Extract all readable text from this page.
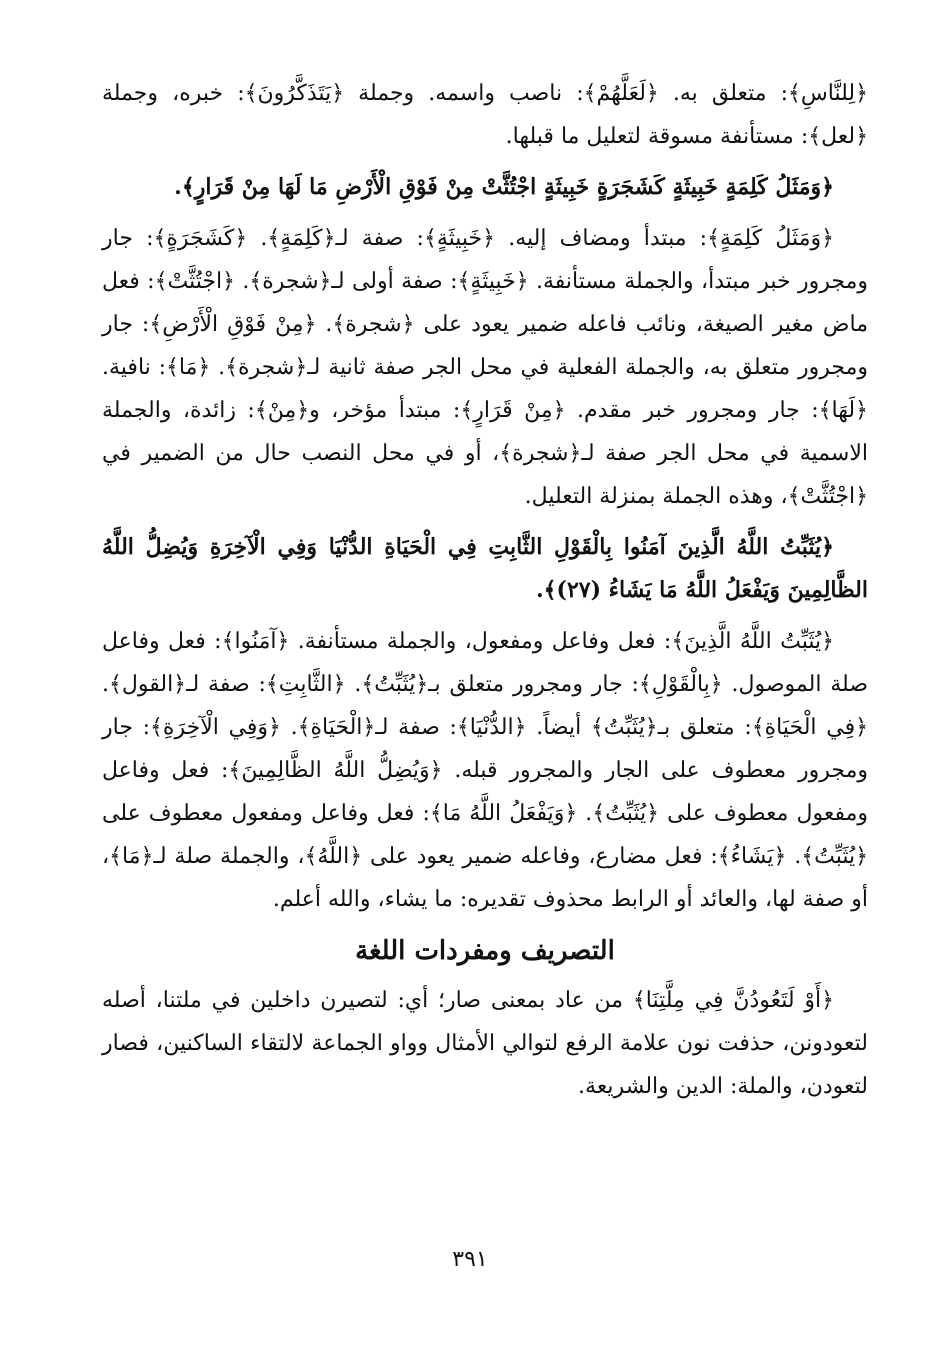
﴿لِلنَّاسِ﴾: متعلق به. ﴿لَعَلَّهُمْ﴾: ناصب واسمه. وجملة ﴿يَتَذَكَّرُونَ﴾: خبره، وجملة ﴿لعل﴾: مستأنفة مسوقة لتعليل ما قبلها.

﴿وَمَثَلُ كَلِمَةٍ خَبِيثَةٍ كَشَجَرَةٍ خَبِيثَةٍ اجْتُثَّتْ مِنْ فَوْقِ الْأَرْضِ مَا لَهَا مِنْ قَرَارٍ﴾.

﴿وَمَثَلُ كَلِمَةٍ﴾: مبتدأ ومضاف إليه. ﴿خَبِيثَةٍ﴾: صفة لـ﴿كَلِمَةٍ﴾. ﴿كَشَجَرَةٍ﴾: جار ومجرور خبر مبتدأ، والجملة مستأنفة. ﴿خَبِيثَةٍ﴾: صفة أولى لـ﴿شجرة﴾. ﴿اجْتُثَّتْ﴾: فعل ماض مغير الصيغة، ونائب فاعله ضمير يعود على ﴿شجرة﴾. ﴿مِنْ فَوْقِ الْأَرْضِ﴾: جار ومجرور متعلق به، والجملة الفعلية في محل الجر صفة ثانية لـ﴿شجرة﴾. ﴿مَا﴾: نافية. ﴿لَهَا﴾: جار ومجرور خبر مقدم. ﴿مِنْ قَرَارٍ﴾: مبتدأ مؤخر، و﴿مِنْ﴾: زائدة، والجملة الاسمية في محل الجر صفة لـ﴿شجرة﴾، أو في محل النصب حال من الضمير في ﴿اجْتُثَّتْ﴾، وهذه الجملة بمنزلة التعليل.

﴿يُثَبِّتُ اللَّهُ الَّذِينَ آمَنُوا بِالْقَوْلِ الثَّابِتِ فِي الْحَيَاةِ الدُّنْيَا وَفِي الْآخِرَةِ وَيُضِلُّ اللَّهُ الظَّالِمِينَ وَيَفْعَلُ اللَّهُ مَا يَشَاءُ (٢٧)﴾.

﴿يُثَبِّتُ اللَّهُ الَّذِينَ﴾: فعل وفاعل ومفعول، والجملة مستأنفة. ﴿آمَنُوا﴾: فعل وفاعل صلة الموصول. ﴿بِالْقَوْلِ﴾: جار ومجرور متعلق بـ﴿يُثَبِّتُ﴾. ﴿الثَّابِتِ﴾: صفة لـ﴿القول﴾. ﴿فِي الْحَيَاةِ﴾: متعلق بـ﴿يُثَبِّتُ﴾ أيضاً. ﴿الدُّنْيَا﴾: صفة لـ﴿الْحَيَاةِ﴾. ﴿وَفِي الْآخِرَةِ﴾: جار ومجرور معطوف على الجار والمجرور قبله. ﴿وَيُضِلُّ اللَّهُ الظَّالِمِينَ﴾: فعل وفاعل ومفعول معطوف على ﴿يُثَبِّتُ﴾. ﴿وَيَفْعَلُ اللَّهُ مَا﴾: فعل وفاعل ومفعول معطوف على ﴿يُثَبِّتُ﴾. ﴿يَشَاءُ﴾: فعل مضارع، وفاعله ضمير يعود على ﴿اللَّهُ﴾، والجملة صلة لـ﴿مَا﴾، أو صفة لها، والعائد أو الرابط محذوف تقديره: ما يشاء، والله أعلم.

التصريف ومفردات اللغة

﴿أَوْ لَتَعُودُنَّ فِي مِلَّتِنَا﴾ من عاد بمعنى صار؛ أي: لتصيرن داخلين في ملتنا، أصله لتعودونن، حذفت نون علامة الرفع لتوالي الأمثال وواو الجماعة لالتقاء الساكنين، فصار لتعودن، والملة: الدين والشريعة.

٣٩١
